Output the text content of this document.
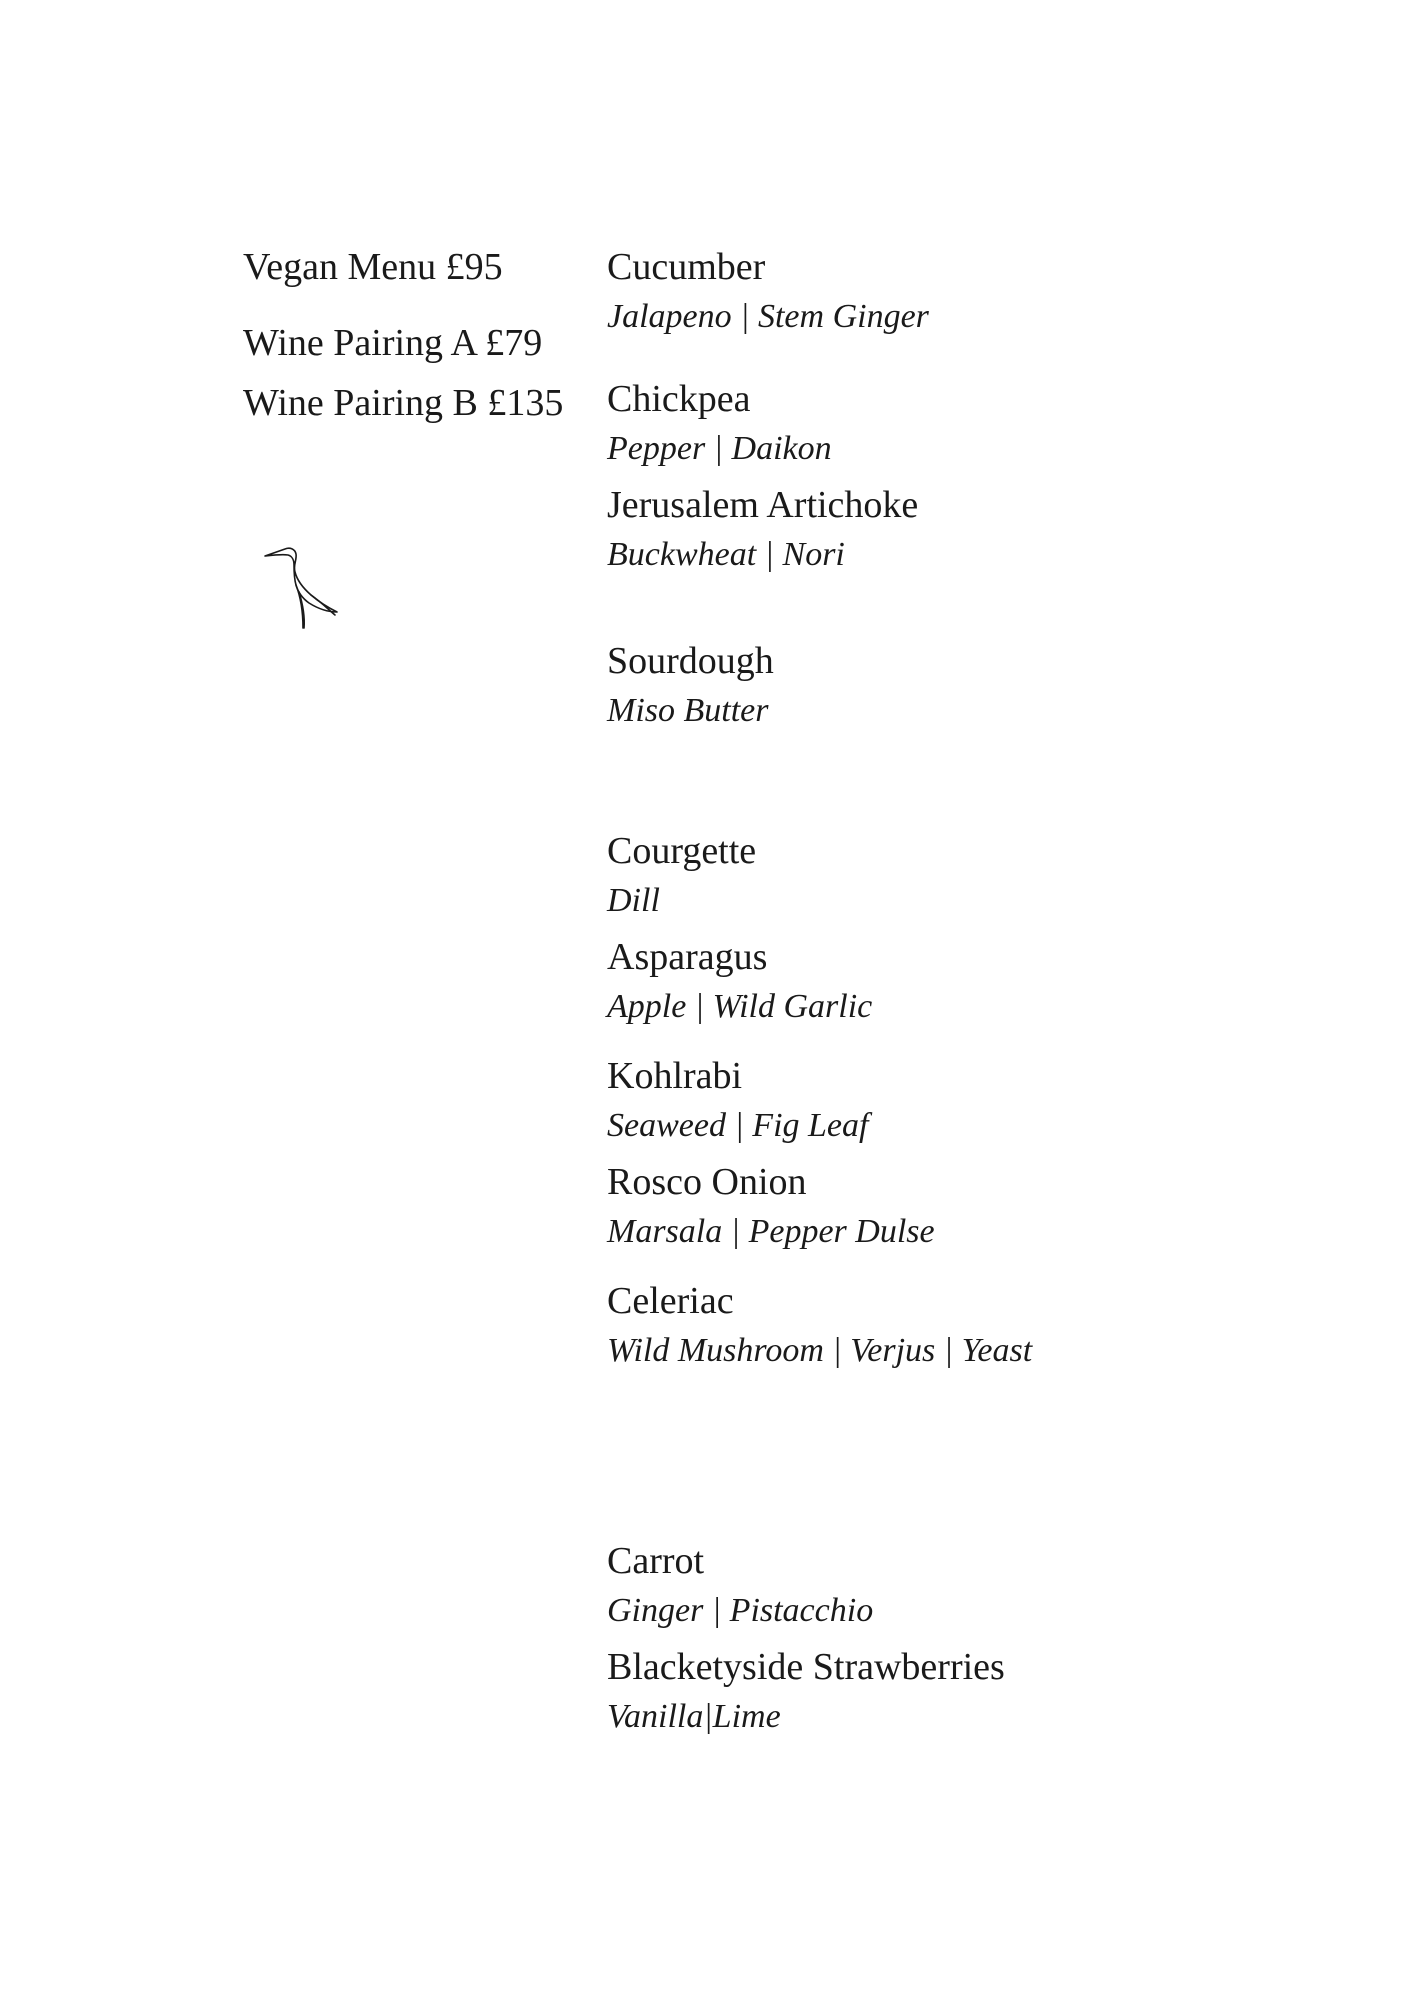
Vegan Menu £95
Wine Pairing A £79
Wine Pairing B £135
Cucumber
Jalapeno | Stem Ginger
Chickpea
Pepper | Daikon
Jerusalem Artichoke
Buckwheat | Nori
Sourdough
Miso Butter
Courgette
Dill
Asparagus
Apple | Wild Garlic
Kohlrabi
Seaweed | Fig Leaf
Rosco Onion
Marsala | Pepper Dulse
Celeriac
Wild Mushroom | Verjus | Yeast
Carrot
Ginger | Pistacchio
Blacketyside Strawberries
Vanilla|Lime
